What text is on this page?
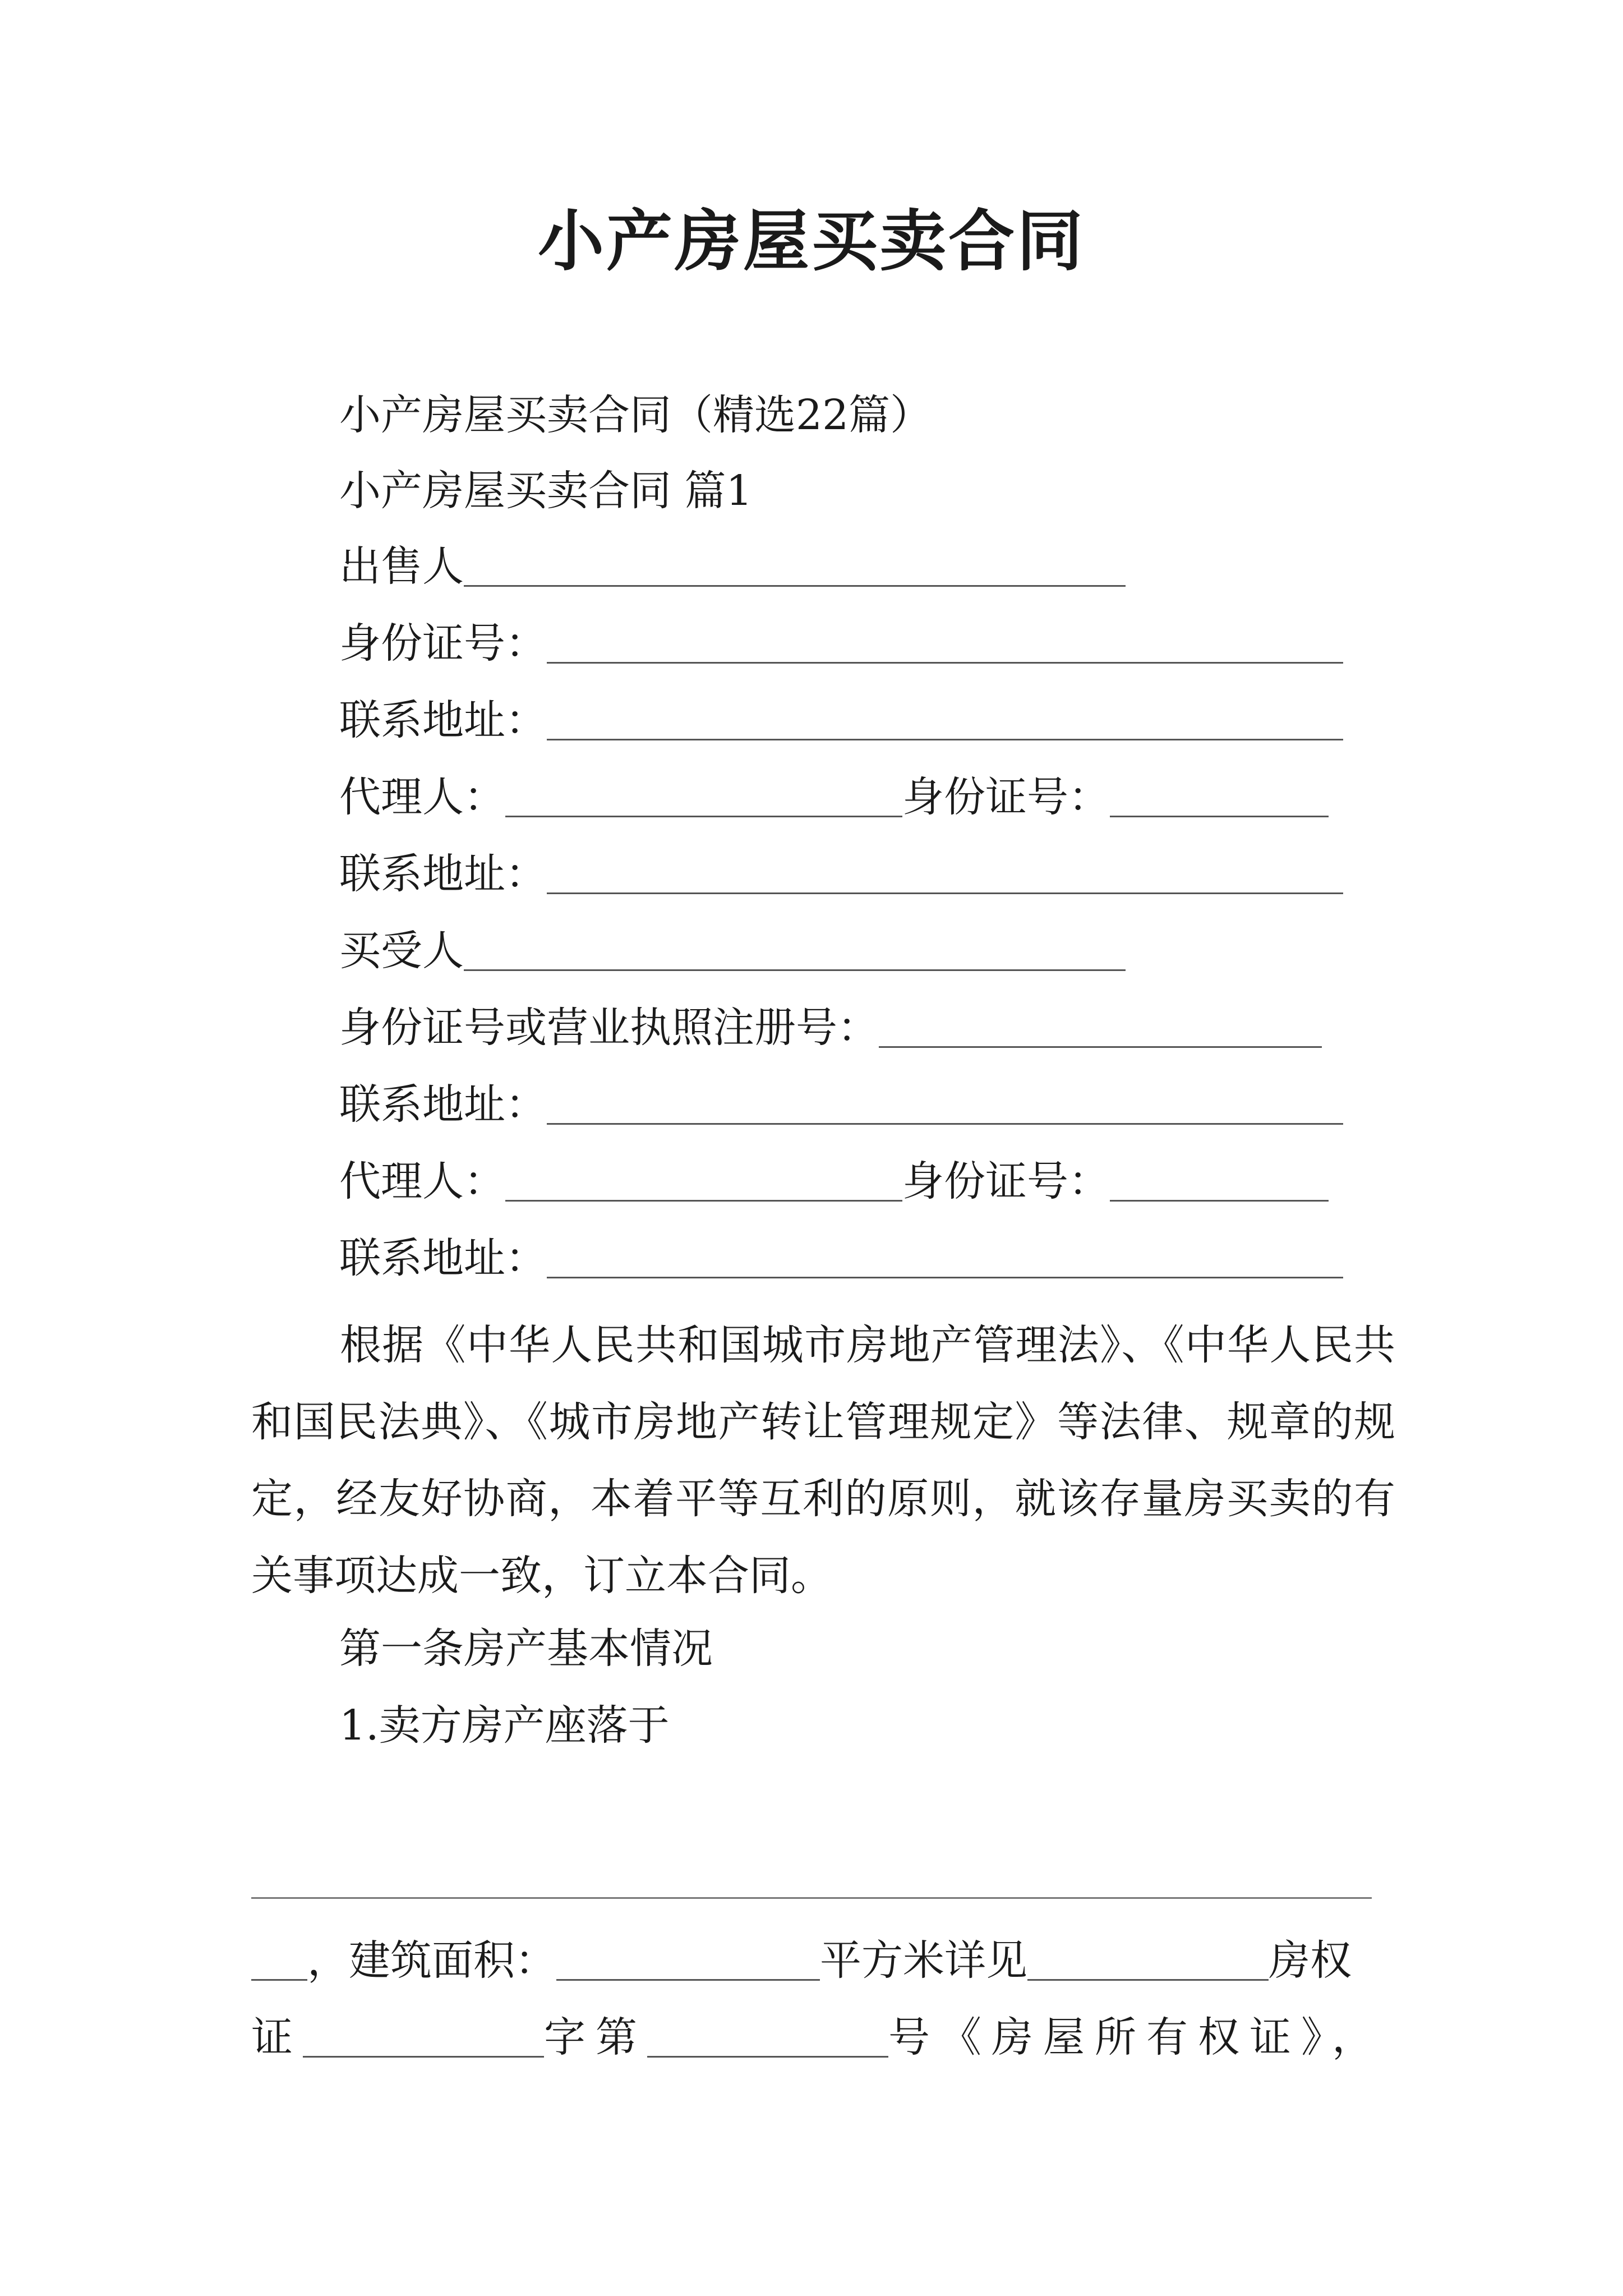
小产房屋买卖合同
小产房屋买卖合同（精选22篇）
小产房屋买卖合同 篇1
出售人
身份证号：
联系地址：
代理人：	身份证号：
联系地址：
买受人
身份证号或营业执照注册号：
联系地址：
代理人：	身份证号：
联系地址：
根据《中华人民共和国城市房地产管理法》、《中华人民共和国民法典》、《城市房地产转让管理规定》等法律、规章的规定，经友好协商，本着平等互利的原则，就该存量房买卖的有关事项达成一致，订立本合同。
第一条房产基本情况
1.卖方房产座落于
，建筑面积：	平方米详见	房权
证	字第	号《房屋所有权证》，
